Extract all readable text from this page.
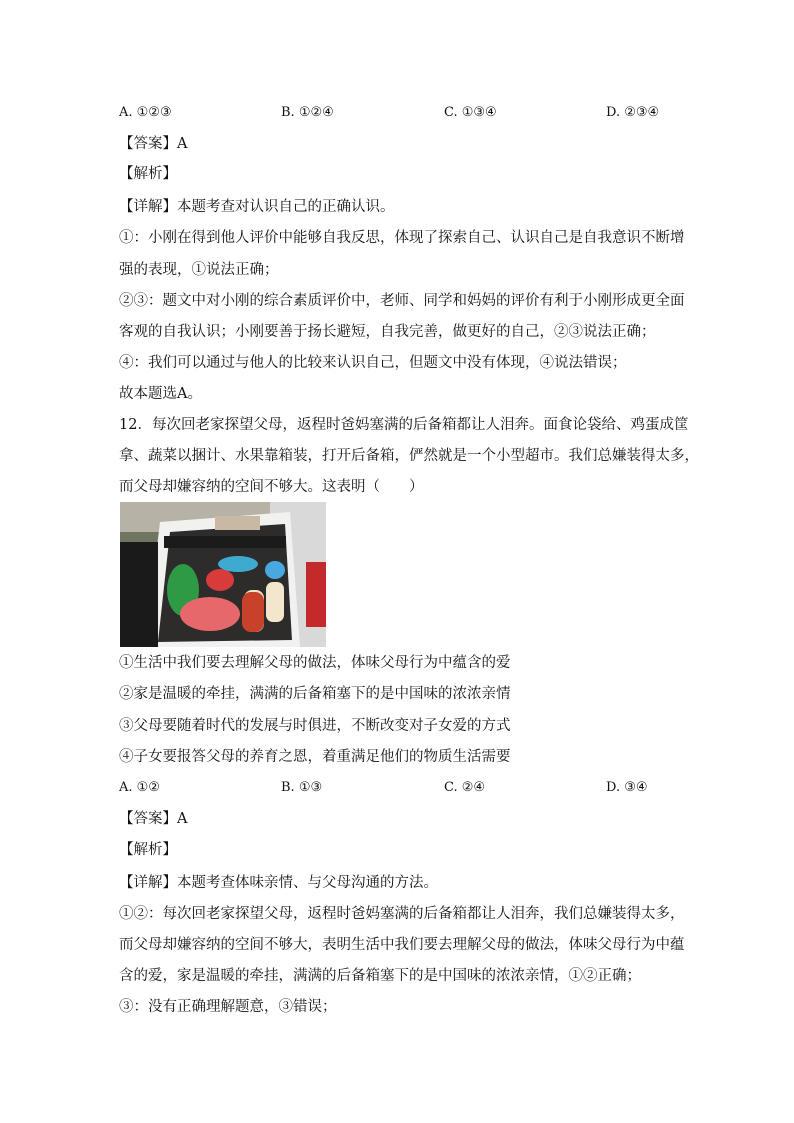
A. ①②③	B. ①②④	C. ①③④	D. ②③④
【答案】A
【解析】
【详解】本题考查对认识自己的正确认识。
①：小刚在得到他人评价中能够自我反思，体现了探索自己、认识自己是自我意识不断增
强的表现，①说法正确；
②③：题文中对小刚的综合素质评价中，老师、同学和妈妈的评价有利于小刚形成更全面
客观的自我认识；小刚要善于扬长避短，自我完善，做更好的自己，②③说法正确；
④：我们可以通过与他人的比较来认识自己，但题文中没有体现，④说法错误；
故本题选A。
12．每次回老家探望父母，返程时爸妈塞满的后备箱都让人泪奔。面食论袋给、鸡蛋成筐
拿、蔬菜以捆计、水果靠箱装，打开后备箱，俨然就是一个小型超市。我们总嫌装得太多，
而父母却嫌容纳的空间不够大。这表明（　　）
①生活中我们要去理解父母的做法，体味父母行为中蕴含的爱
②家是温暖的牵挂，满满的后备箱塞下的是中国味的浓浓亲情
③父母要随着时代的发展与时俱进，不断改变对子女爱的方式
④子女要报答父母的养育之恩，着重满足他们的物质生活需要
A. ①②	B. ①③	C. ②④	D. ③④
【答案】A
【解析】
【详解】本题考查体味亲情、与父母沟通的方法。
①②：每次回老家探望父母，返程时爸妈塞满的后备箱都让人泪奔，我们总嫌装得太多，
而父母却嫌容纳的空间不够大，表明生活中我们要去理解父母的做法，体味父母行为中蕴
含的爱，家是温暖的牵挂，满满的后备箱塞下的是中国味的浓浓亲情，①②正确；
③：没有正确理解题意，③错误；
